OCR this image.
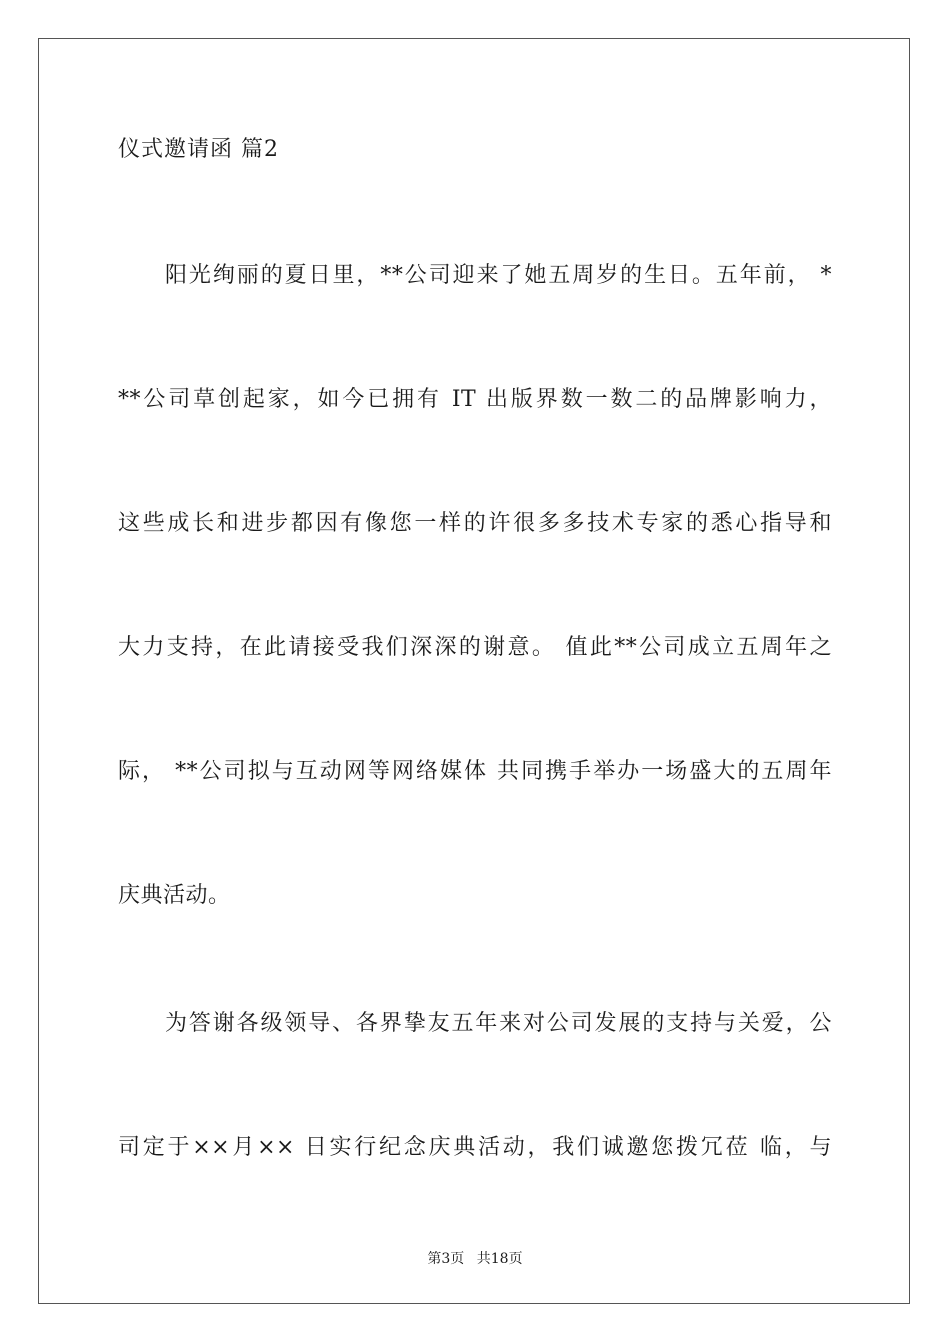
仪式邀请函 篇2
阳光绚丽的夏日里，**公司迎来了她五周岁的生日。五年前， *
**公司草创起家，如今已拥有 IT 出版界数一数二的品牌影响力，
这些成长和进步都因有像您一样的许很多多技术专家的悉心指导和
大力支持，在此请接受我们深深的谢意。 值此**公司成立五周年之
际， **公司拟与互动网等网络媒体 共同携手举办一场盛大的五周年
庆典活动。
为答谢各级领导、各界挚友五年来对公司发展的支持与关爱，公
司定于××月×× 日实行纪念庆典活动，我们诚邀您拨冗莅 临，与
第3页 共18页
